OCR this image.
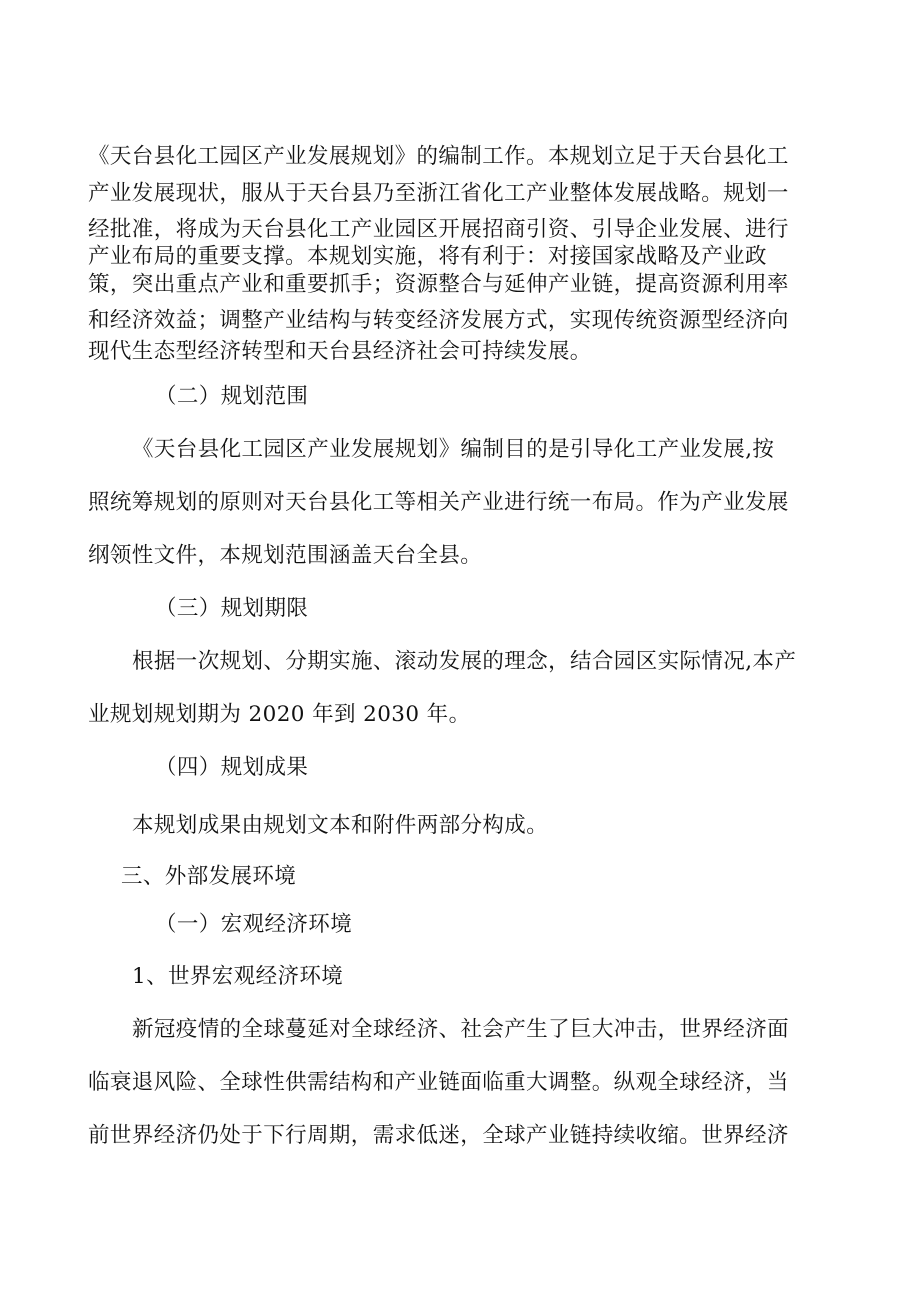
《天台县化工园区产业发展规划》的编制工作。本规划立足于天台县化工
产业发展现状，服从于天台县乃至浙江省化工产业整体发展战略。规划一
经批准，将成为天台县化工产业园区开展招商引资、引导企业发展、进行
产业布局的重要支撑。本规划实施，将有利于：对接国家战略及产业政
策，突出重点产业和重要抓手；资源整合与延伸产业链，提高资源利用率
和经济效益；调整产业结构与转变经济发展方式，实现传统资源型经济向
现代生态型经济转型和天台县经济社会可持续发展。
（二）规划范围
《天台县化工园区产业发展规划》编制目的是引导化工产业发展,按
照统筹规划的原则对天台县化工等相关产业进行统一布局。作为产业发展
纲领性文件，本规划范围涵盖天台全县。
（三）规划期限
根据一次规划、分期实施、滚动发展的理念，结合园区实际情况,本产
业规划规划期为 2020 年到 2030 年。
（四）规划成果
本规划成果由规划文本和附件两部分构成。
三、外部发展环境
（一）宏观经济环境
1、世界宏观经济环境
新冠疫情的全球蔓延对全球经济、社会产生了巨大冲击，世界经济面
临衰退风险、全球性供需结构和产业链面临重大调整。纵观全球经济，当
前世界经济仍处于下行周期，需求低迷，全球产业链持续收缩。世界经济
